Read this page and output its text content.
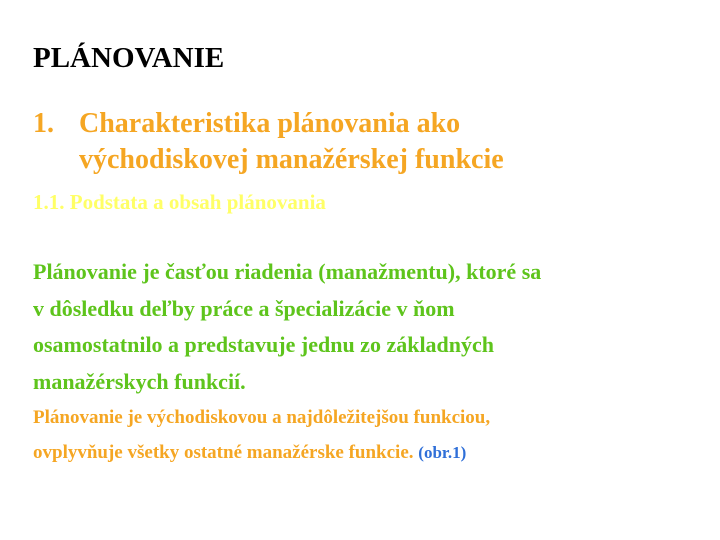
PLÁNOVANIE
1. Charakteristika plánovania ako
východiskovej manažérskej funkcie
1.1. Podstata a obsah plánovania
Plánovanie je časťou riadenia (manažmentu), ktoré sa
v dôsledku deľby práce a špecializácie v ňom
osamostatnilo a predstavuje jednu zo základných
manažérskych funkcií.
Plánovanie je východiskovou a najdôležitejšou funkciou,
ovplyvňuje všetky ostatné manažérske funkcie. (obr.1)
